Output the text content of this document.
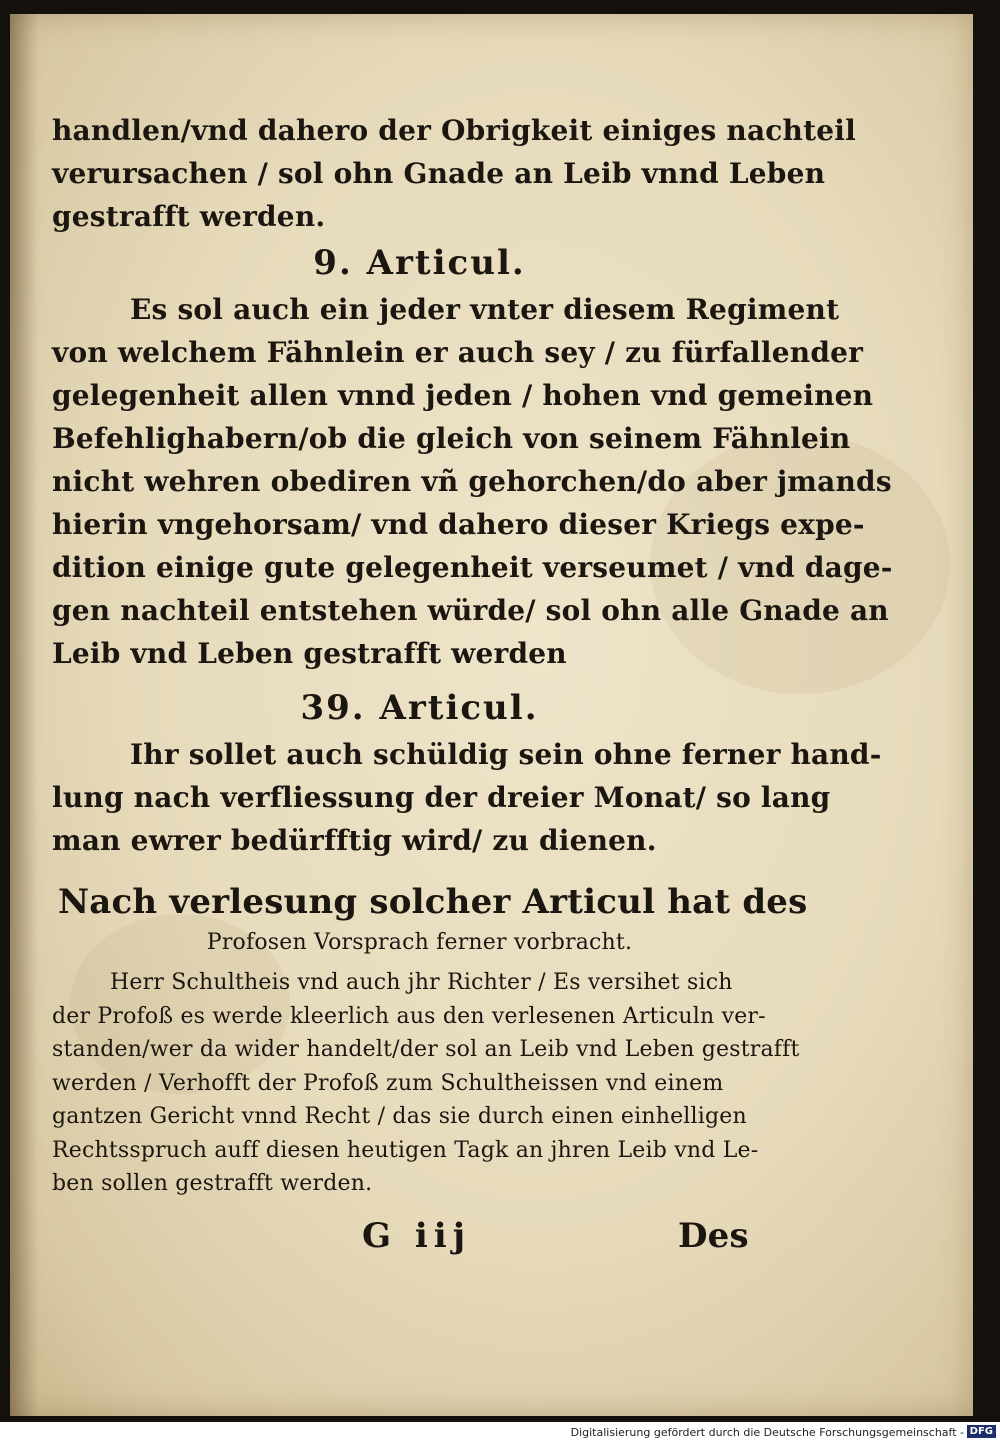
handlen/vnd dahero der Obrigkeit einiges nachteil
verursachen / sol ohn Gnade an Leib vnnd Leben
gestrafft werden.
9. Articul.
Es sol auch ein jeder vnter diesem Regiment
von welchem Fähnlein er auch sey / zu fürfallender
gelegenheit allen vnnd jeden / hohen vnd gemeinen
Befehlighabern/ob die gleich von seinem Fähnlein
nicht wehren obediren vñ gehorchen/do aber jmands
hierin vngehorsam/ vnd dahero dieser Kriegs expe-
dition einige gute gelegenheit verseumet / vnd dage-
gen nachteil entstehen würde/ sol ohn alle Gnade an
Leib vnd Leben gestrafft werden
39. Articul.
Ihr sollet auch schüldig sein ohne ferner hand-
lung nach verfliessung der dreier Monat/ so lang
man ewrer bedürfftig wird/ zu dienen.
Nach verlesung solcher Articul hat des
Profosen Vorsprach ferner vorbracht.
Herr Schultheis vnd auch jhr Richter / Es versihet sich
der Profoß es werde kleerlich aus den verlesenen Articuln ver-
standen/wer da wider handelt/der sol an Leib vnd Leben gestrafft
werden / Verhofft der Profoß zum Schultheissen vnd einem
gantzen Gericht vnnd Recht / das sie durch einen einhelligen
Rechtsspruch auff diesen heutigen Tagk an jhren Leib vnd Le-
ben sollen gestrafft werden.
G iij	Des
Digitalisierung gefördert durch die Deutsche Forschungsgemeinschaft - DFG
